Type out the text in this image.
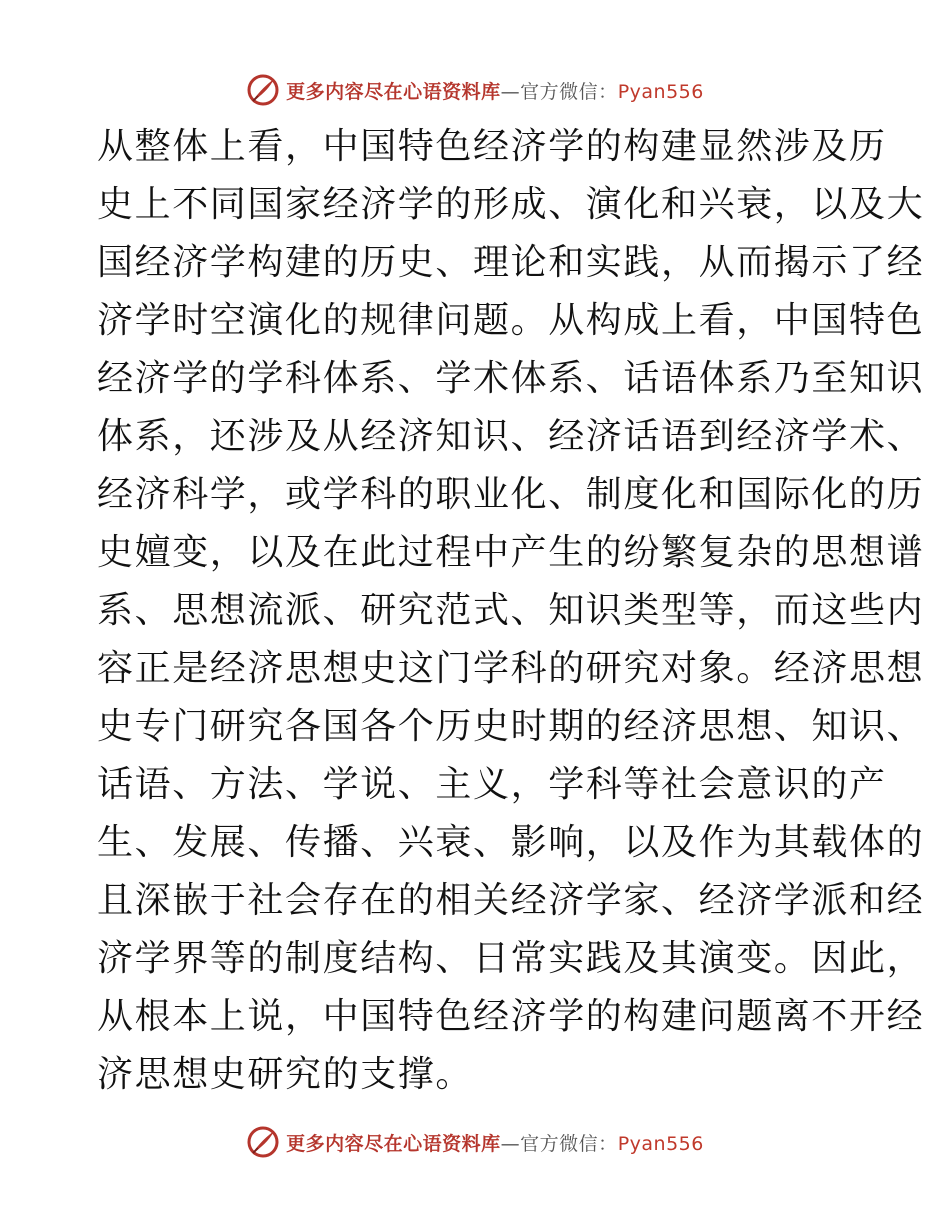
更多内容尽在心语资料库—官方微信：Pyan556
从整体上看，中国特色经济学的构建显然涉及历
史上不同国家经济学的形成、演化和兴衰，以及大
国经济学构建的历史、理论和实践，从而揭示了经
济学时空演化的规律问题。从构成上看，中国特色
经济学的学科体系、学术体系、话语体系乃至知识
体系，还涉及从经济知识、经济话语到经济学术、
经济科学，或学科的职业化、制度化和国际化的历
史嬗变，以及在此过程中产生的纷繁复杂的思想谱
系、思想流派、研究范式、知识类型等，而这些内
容正是经济思想史这门学科的研究对象。经济思想
史专门研究各国各个历史时期的经济思想、知识、
话语、方法、学说、主义，学科等社会意识的产
生、发展、传播、兴衰、影响，以及作为其载体的
且深嵌于社会存在的相关经济学家、经济学派和经
济学界等的制度结构、日常实践及其演变。因此，
从根本上说，中国特色经济学的构建问题离不开经
济思想史研究的支撑。
更多内容尽在心语资料库—官方微信：Pyan556
